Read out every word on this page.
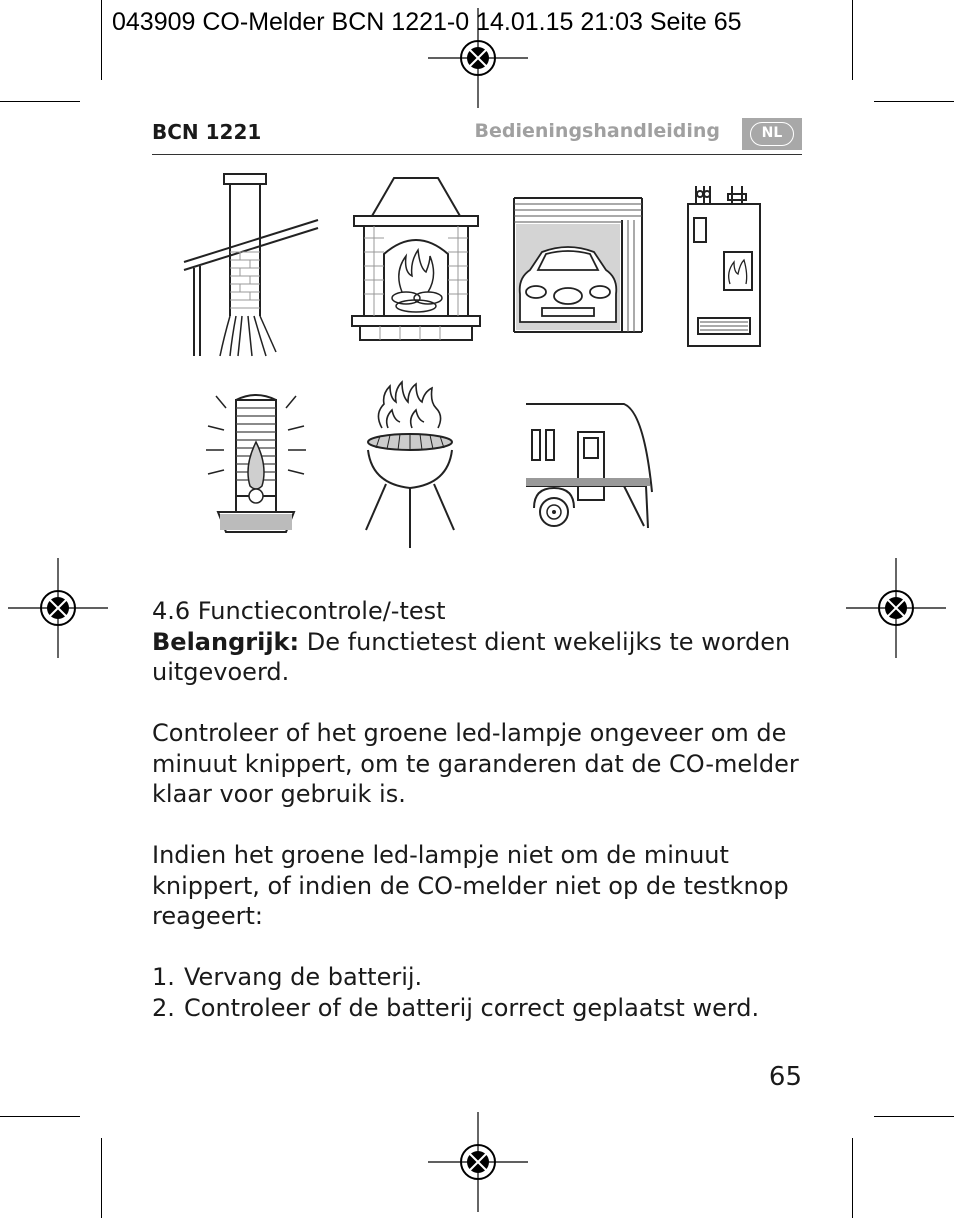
043909 CO-Melder BCN 1221-0 14.01.15 21:03 Seite 65
BCN 1221	Bedieningshandleiding	NL

4.6 Functiecontrole/-test

Belangrijk: De functietest dient wekelijks te worden uitgevoerd.

Controleer of het groene led-lampje ongeveer om de minuut knippert, om te garanderen dat de CO-melder klaar voor gebruik is.

Indien het groene led-lampje niet om de minuut knippert, of indien de CO-melder niet op de testknop reageert:

1. Vervang de batterij.
2. Controleer of de batterij correct geplaatst werd.
65
